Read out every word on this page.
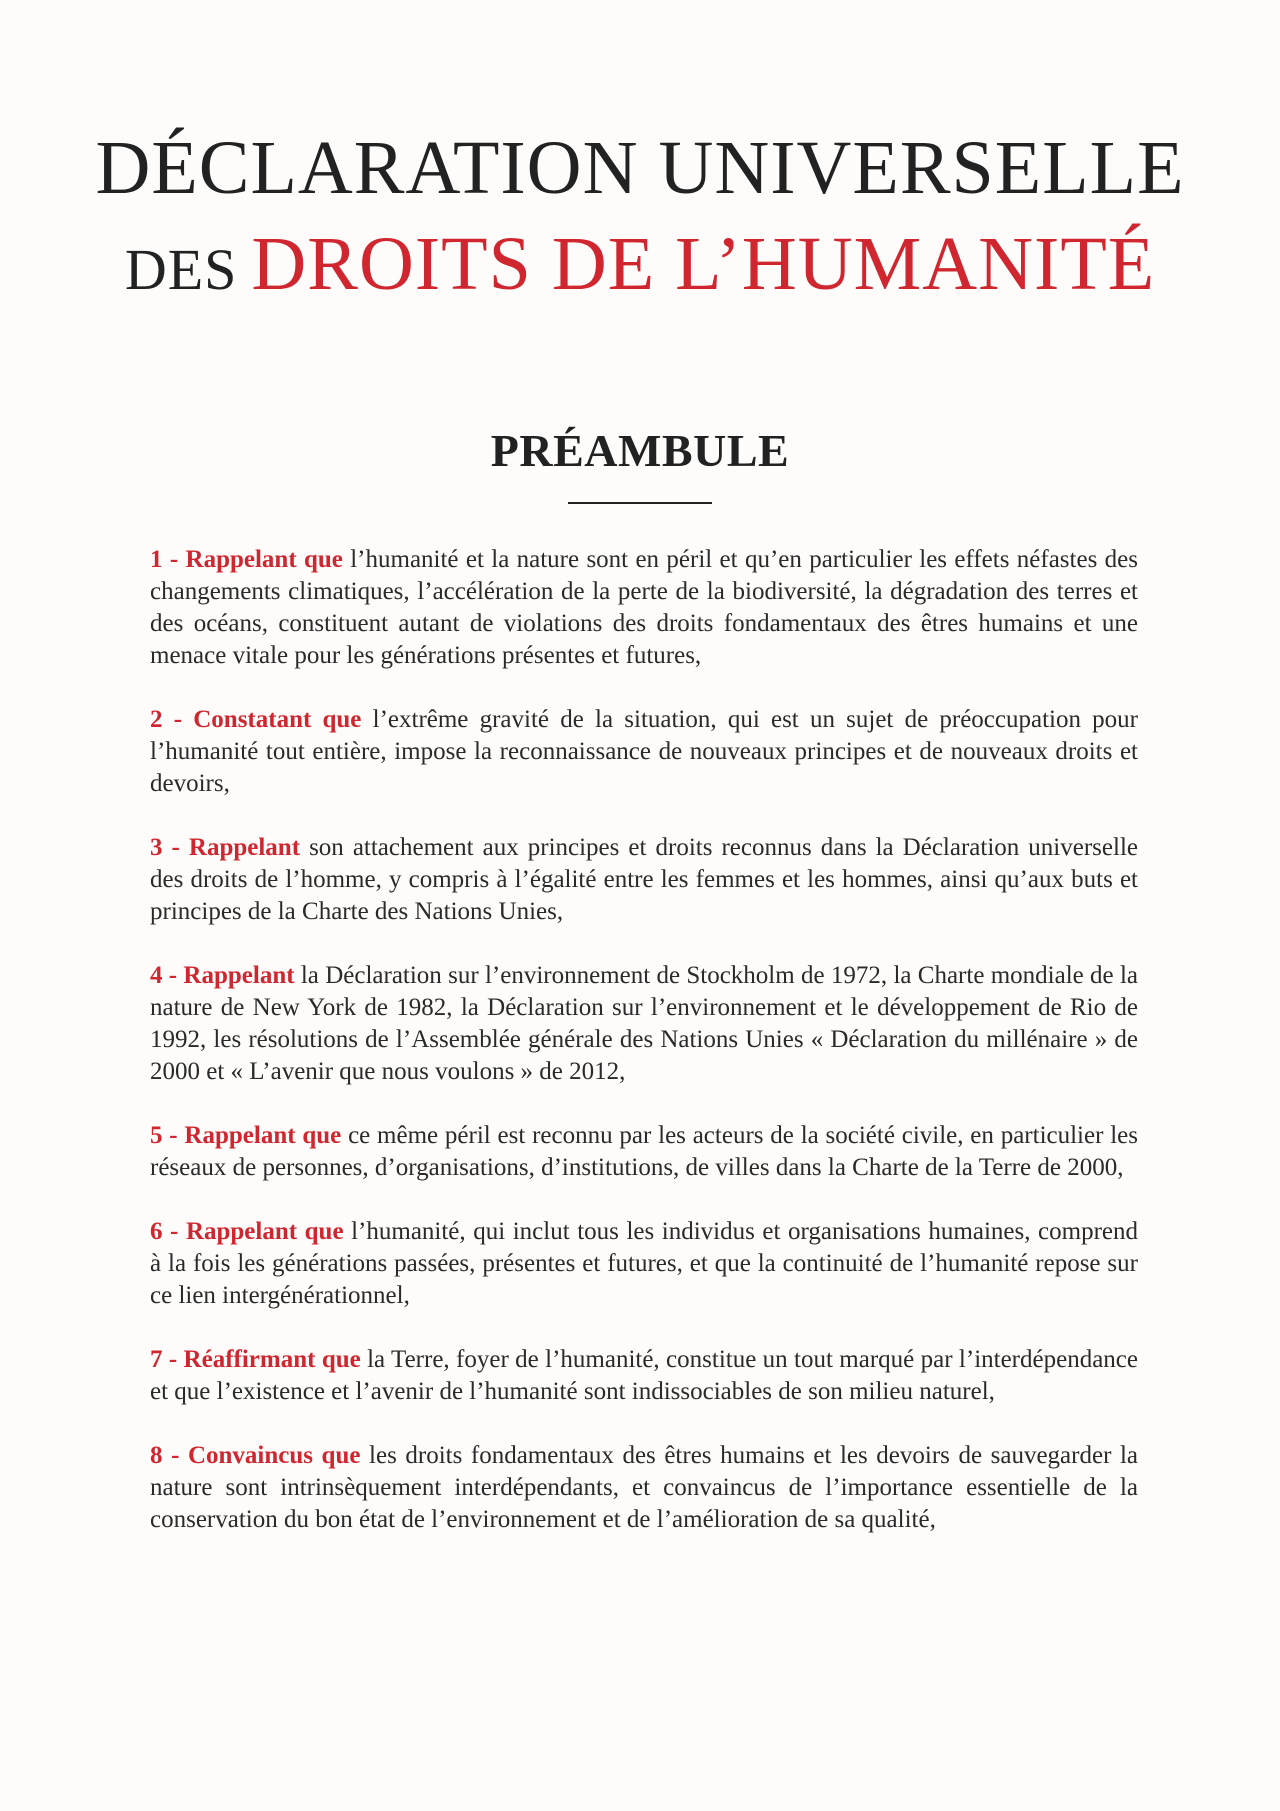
DÉCLARATION UNIVERSELLE
DES DROITS DE L’HUMANITÉ
PRÉAMBULE

1 - Rappelant que l’humanité et la nature sont en péril et qu’en particulier les effets néfastes des changements climatiques, l’accélération de la perte de la biodiversité, la dégradation des terres et des océans, constituent autant de violations des droits fondamentaux des êtres humains et une menace vitale pour les générations présentes et futures,

2 - Constatant que l’extrême gravité de la situation, qui est un sujet de préoccupation pour l’humanité tout entière, impose la reconnaissance de nouveaux principes et de nouveaux droits et devoirs,

3 - Rappelant son attachement aux principes et droits reconnus dans la Déclaration universelle des droits de l’homme, y compris à l’égalité entre les femmes et les hommes, ainsi qu’aux buts et principes de la Charte des Nations Unies,

4 - Rappelant la Déclaration sur l’environnement de Stockholm de 1972, la Charte mondiale de la nature de New York de 1982, la Déclaration sur l’environnement et le développement de Rio de 1992, les résolutions de l’Assemblée générale des Nations Unies « Déclaration du millénaire » de 2000 et « L’avenir que nous voulons » de 2012,

5 - Rappelant que ce même péril est reconnu par les acteurs de la société civile, en particulier les réseaux de personnes, d’organisations, d’institutions, de villes dans la Charte de la Terre de 2000,

6 - Rappelant que l’humanité, qui inclut tous les individus et organisations humaines, comprend à la fois les générations passées, présentes et futures, et que la continuité de l’humanité repose sur ce lien intergénérationnel,

7 - Réaffirmant que la Terre, foyer de l’humanité, constitue un tout marqué par l’interdépendance et que l’existence et l’avenir de l’humanité sont indissociables de son milieu naturel,

8 - Convaincus que les droits fondamentaux des êtres humains et les devoirs de sauvegarder la nature sont intrinsèquement interdépendants, et convaincus de l’importance essentielle de la conservation du bon état de l’environnement et de l’amélioration de sa qualité,
